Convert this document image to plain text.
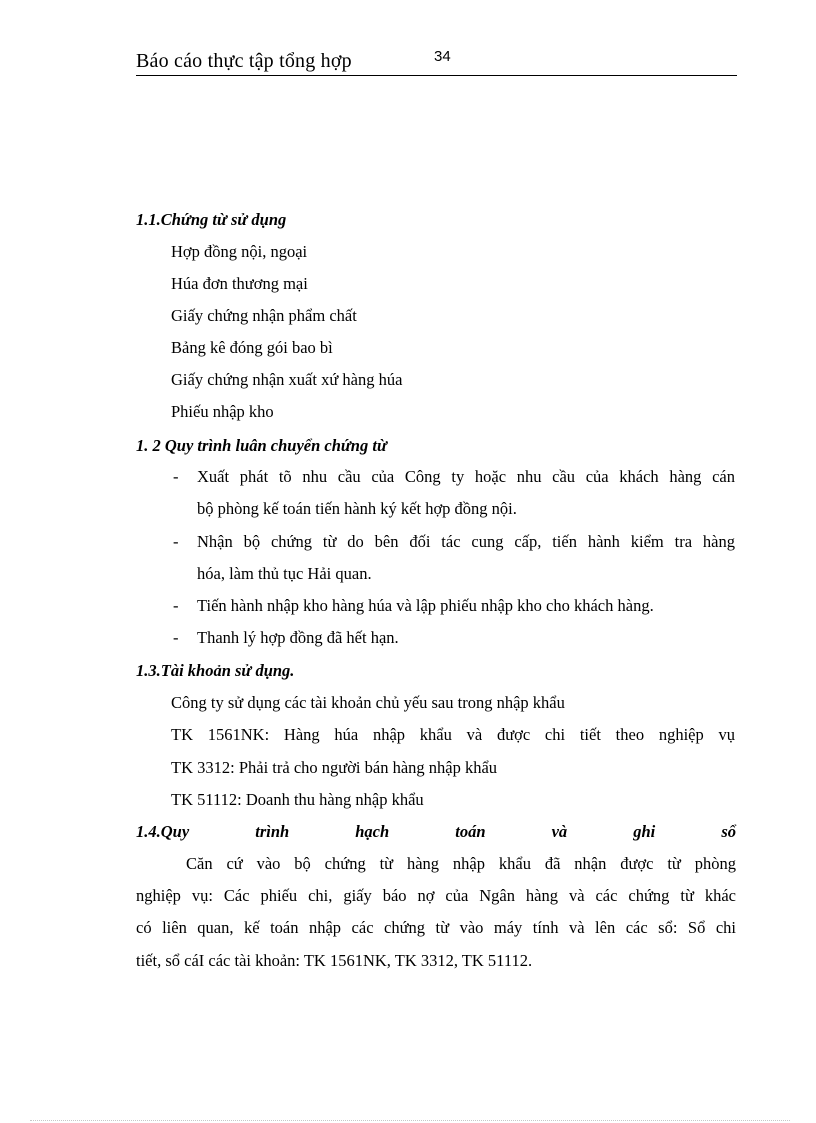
Báo cáo thực tập tổng hợp	34
1.1.Chứng từ sử dụng
Hợp đồng nội, ngoại
Húa đơn thương mại
Giấy chứng nhận phẩm chất
Bảng kê đóng gói bao bì
Giấy chứng nhận xuất xứ hàng húa
Phiếu nhập kho
1. 2 Quy trình luân chuyển chứng từ
- Xuất phát tõ nhu cầu của Công ty hoặc nhu cầu của khách hàng cán
bộ phòng kế toán tiến hành ký kết hợp đồng nội.
- Nhận bộ chứng từ do bên đối tác cung cấp, tiến hành kiểm tra hàng
hóa, làm thủ tục Hải quan.
- Tiến hành nhập kho hàng húa và lập phiếu nhập kho cho khách hàng.
- Thanh lý hợp đồng đã hết hạn.
1.3.Tài khoản sử dụng.
Công ty sử dụng các tài khoản chủ yếu sau trong nhập khẩu
TK 1561NK: Hàng húa nhập khẩu và được chi tiết theo nghiệp vụ
TK 3312: Phải trả cho người bán hàng nhập khẩu
TK 51112: Doanh thu hàng nhập khẩu
1.4.Quy trình hạch toán và ghi sổ
Căn cứ vào bộ chứng từ hàng nhập khẩu đã nhận được từ phòng
nghiệp vụ: Các phiếu chi, giấy báo nợ của Ngân hàng và các chứng từ khác
có liên quan, kế toán nhập các chứng từ vào máy tính và lên các sổ: Sổ chi
tiết, sổ cáI các tài khoản: TK 1561NK, TK 3312, TK 51112.
